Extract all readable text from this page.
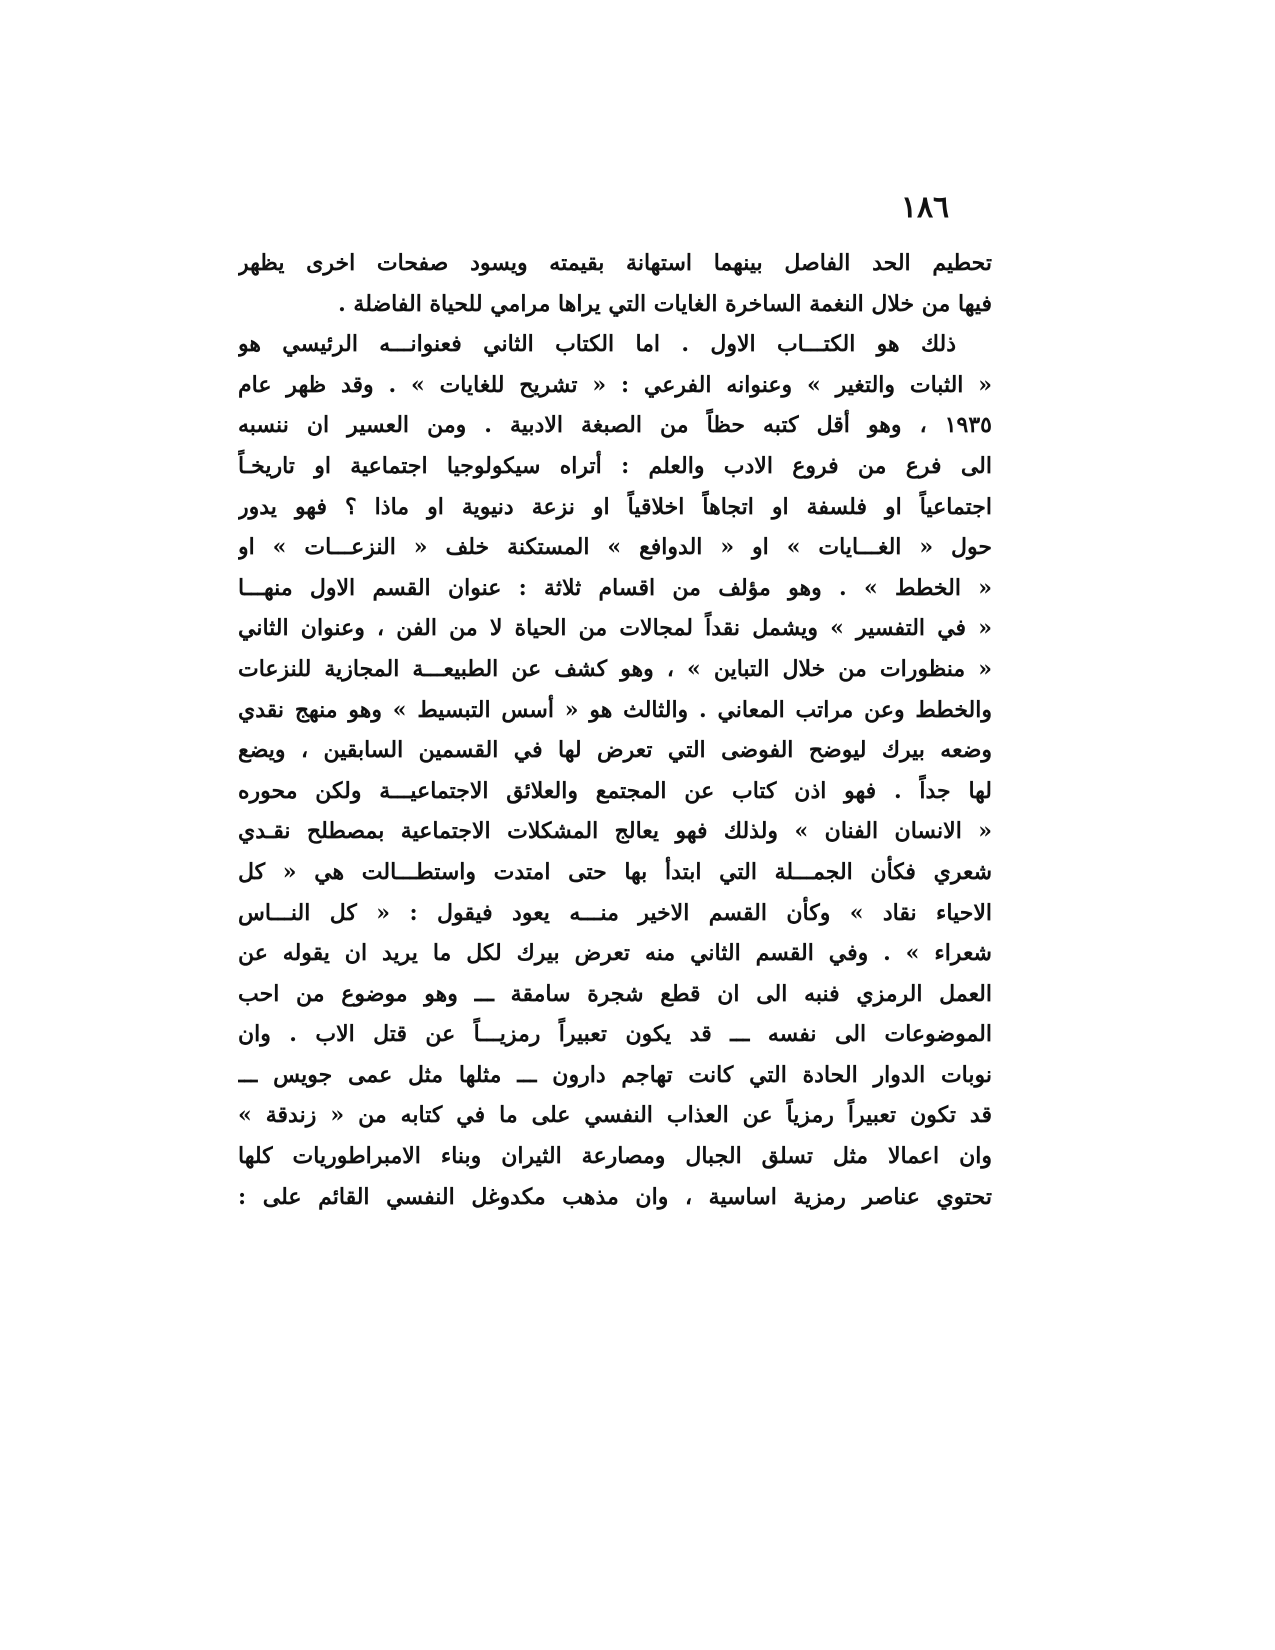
١٨٦
تحطيم الحد الفاصل بينهما استهانة بقيمته ويسود صفحات اخرى يظهر
فيها من خلال النغمة الساخرة الغايات التي يراها مرامي للحياة الفاضلة .
ذلك هو الكتـــاب الاول . اما الكتاب الثاني فعنوانـــه الرئيسي هو
« الثبات والتغير » وعنوانه الفرعي : « تشريح للغايات » . وقد ظهر عام
١٩٣٥ ، وهو أقل كتبه حظاً من الصبغة الادبية . ومن العسير ان ننسبه
الى فرع من فروع الادب والعلم : أتراه سيكولوجيا اجتماعية او تاريخـاً
اجتماعياً او فلسفة او اتجاهاً اخلاقياً او نزعة دنيوية او ماذا ؟ فهو يدور
حول « الغـــايات » او « الدوافع » المستكنة خلف « النزعـــات » او
« الخطط » . وهو مؤلف من اقسام ثلاثة : عنوان القسم الاول منهـــا
« في التفسير » ويشمل نقداً لمجالات من الحياة لا من الفن ، وعنوان الثاني
« منظورات من خلال التباين » ، وهو كشف عن الطبيعـــة المجازية للنزعات
والخطط وعن مراتب المعاني . والثالث هو « أسس التبسيط » وهو منهج نقدي
وضعه بيرك ليوضح الفوضى التي تعرض لها في القسمين السابقين ، ويضع
لها جداً . فهو اذن كتاب عن المجتمع والعلائق الاجتماعيـــة ولكن محوره
« الانسان الفنان » ولذلك فهو يعالج المشكلات الاجتماعية بمصطلح نقـدي
شعري فكأن الجمـــلة التي ابتدأ بها حتى امتدت واستطـــالت هي « كل
الاحياء نقاد » وكأن القسم الاخير منـــه يعود فيقول : « كل النـــاس
شعراء » . وفي القسم الثاني منه تعرض بيرك لكل ما يريد ان يقوله عن
العمل الرمزي فنبه الى ان قطع شجرة سامقة ـــ وهو موضوع من احب
الموضوعات الى نفسه ـــ قد يكون تعبيراً رمزيـــاً عن قتل الاب . وان
نوبات الدوار الحادة التي كانت تهاجم دارون ـــ مثلها مثل عمى جويس ـــ
قد تكون تعبيراً رمزياً عن العذاب النفسي على ما في كتابه من « زندقة »
وان اعمالا مثل تسلق الجبال ومصارعة الثيران وبناء الامبراطوريات كلها
تحتوي عناصر رمزية اساسية ، وان مذهب مكدوغل النفسي القائم على :
